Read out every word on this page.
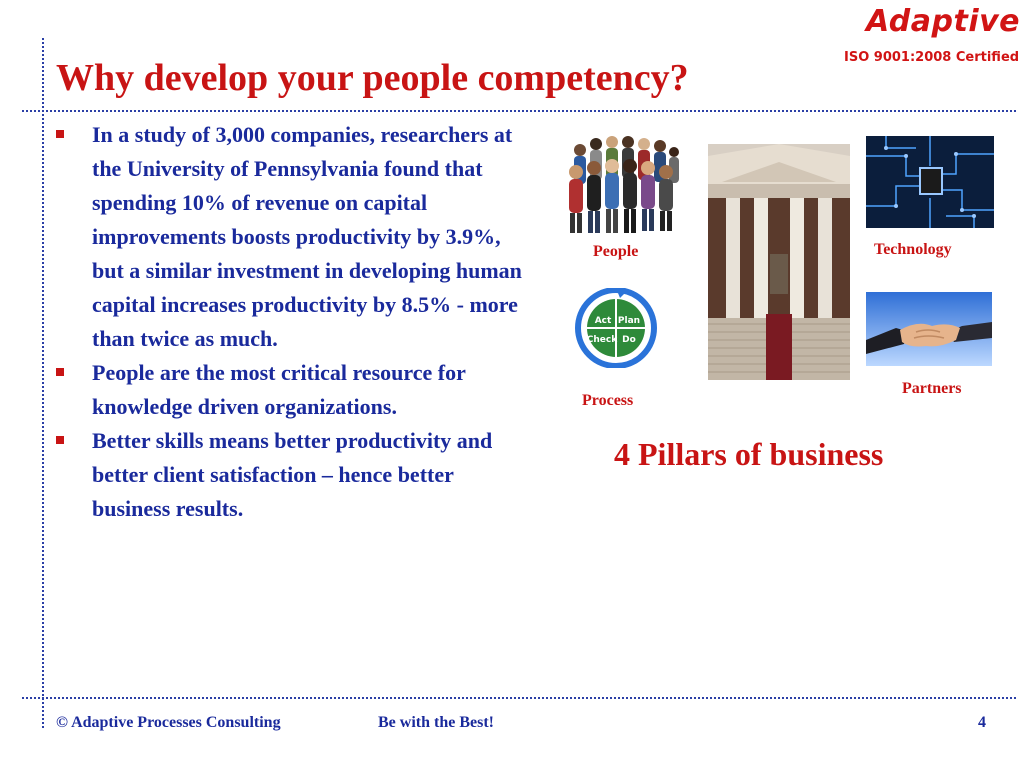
Adaptive
ISO 9001:2008 Certified
Why develop your people competency?
In a study of 3,000 companies, researchers at the University of Pennsylvania found that spending 10% of revenue on capital improvements boosts productivity by 3.9%, but a similar investment in developing human capital increases productivity by 8.5% - more than twice as much.
People are the most critical resource for knowledge driven organizations.
Better skills means better productivity and better client satisfaction – hence better business results.
People
Act Plan
Check Do
Process
Technology
Partners
4 Pillars of business
© Adaptive Processes Consulting	Be with the Best!	4
